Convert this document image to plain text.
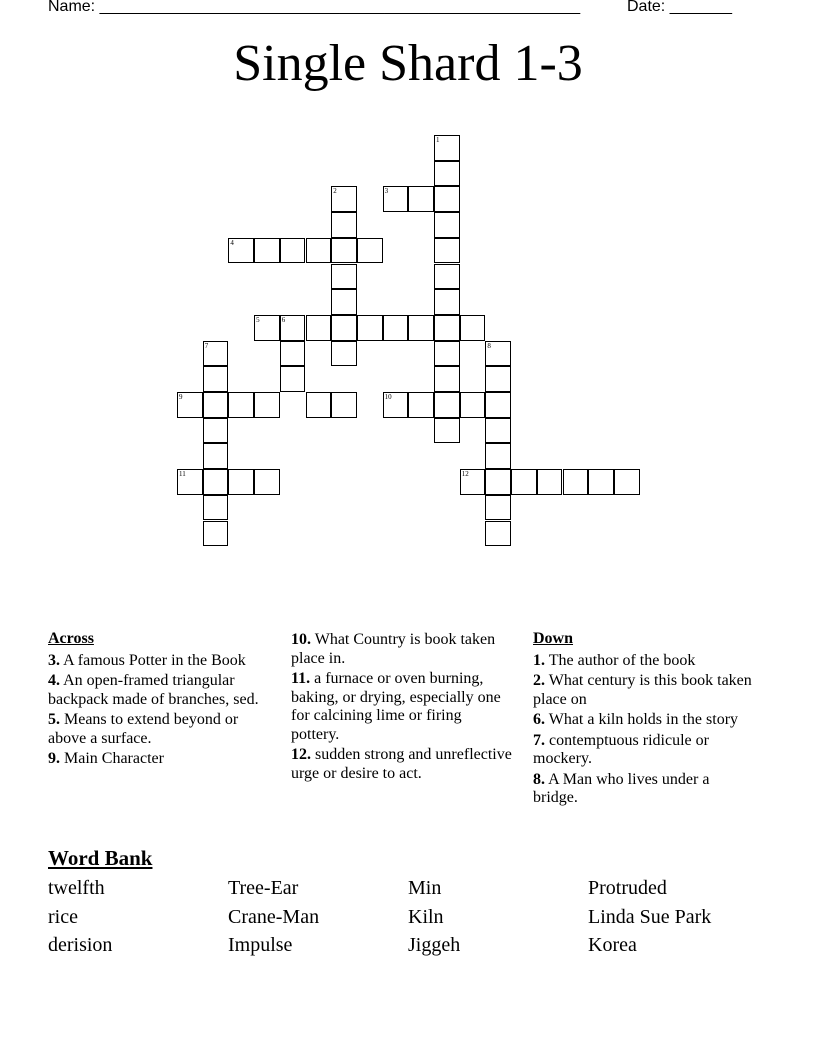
Name: ______________________________________________________	Date: _______
Single Shard 1-3
1
2	3
4
5	6
7	8
9	10
11	12
Across
3. A famous Potter in the Book
4. An open-framed triangular backpack made of branches, sed.
5. Means to extend beyond or above a surface.
9. Main Character
10. What Country is book taken place in.
11. a furnace or oven burning, baking, or drying, especially one for calcining lime or firing pottery.
12. sudden strong and unreflective urge or desire to act.
Down
1. The author of the book
2. What century is this book taken place on
6. What a kiln holds in the story
7. contemptuous ridicule or mockery.
8. A Man who lives under a bridge.
Word Bank
twelfth	Tree-Ear	Min	Protruded
rice	Crane-Man	Kiln	Linda Sue Park
derision	Impulse	Jiggeh	Korea
